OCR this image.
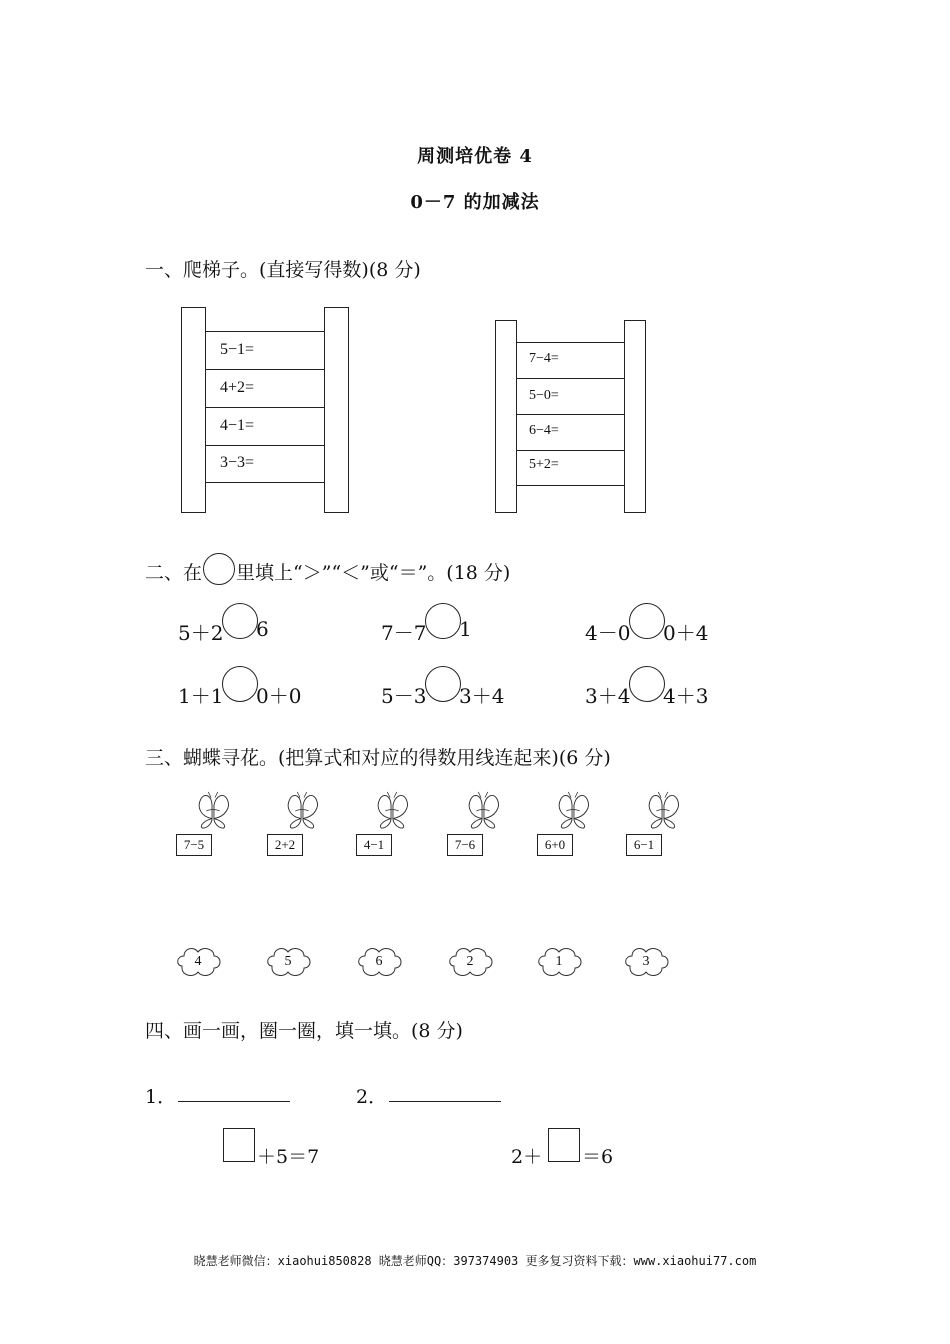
周测培优卷 4
0－7 的加减法
一、爬梯子。(直接写得数)(8 分)
5−1=
4+2=
4−1=
3−3=
7−4=
5−0=
6−4=
5+2=
二、在 里填上“＞”“＜”或“＝”。(18 分)
5＋2 6	7－7 1	4－0 0＋4
1＋1 0＋0	5－3 3＋4	3＋4 4＋3
三、蝴蝶寻花。(把算式和对应的得数用线连起来)(6 分)
7−5	2+2	4−1	7−6	6+0	6−1
4	5	6	2	1	3
四、画一画，圈一圈，填一填。(8 分)
1．	2．
＋5＝7	2＋ ＝6
晓慧老师微信：xiaohui850828 晓慧老师QQ：397374903 更多复习资料下载：www.xiaohui77.com
